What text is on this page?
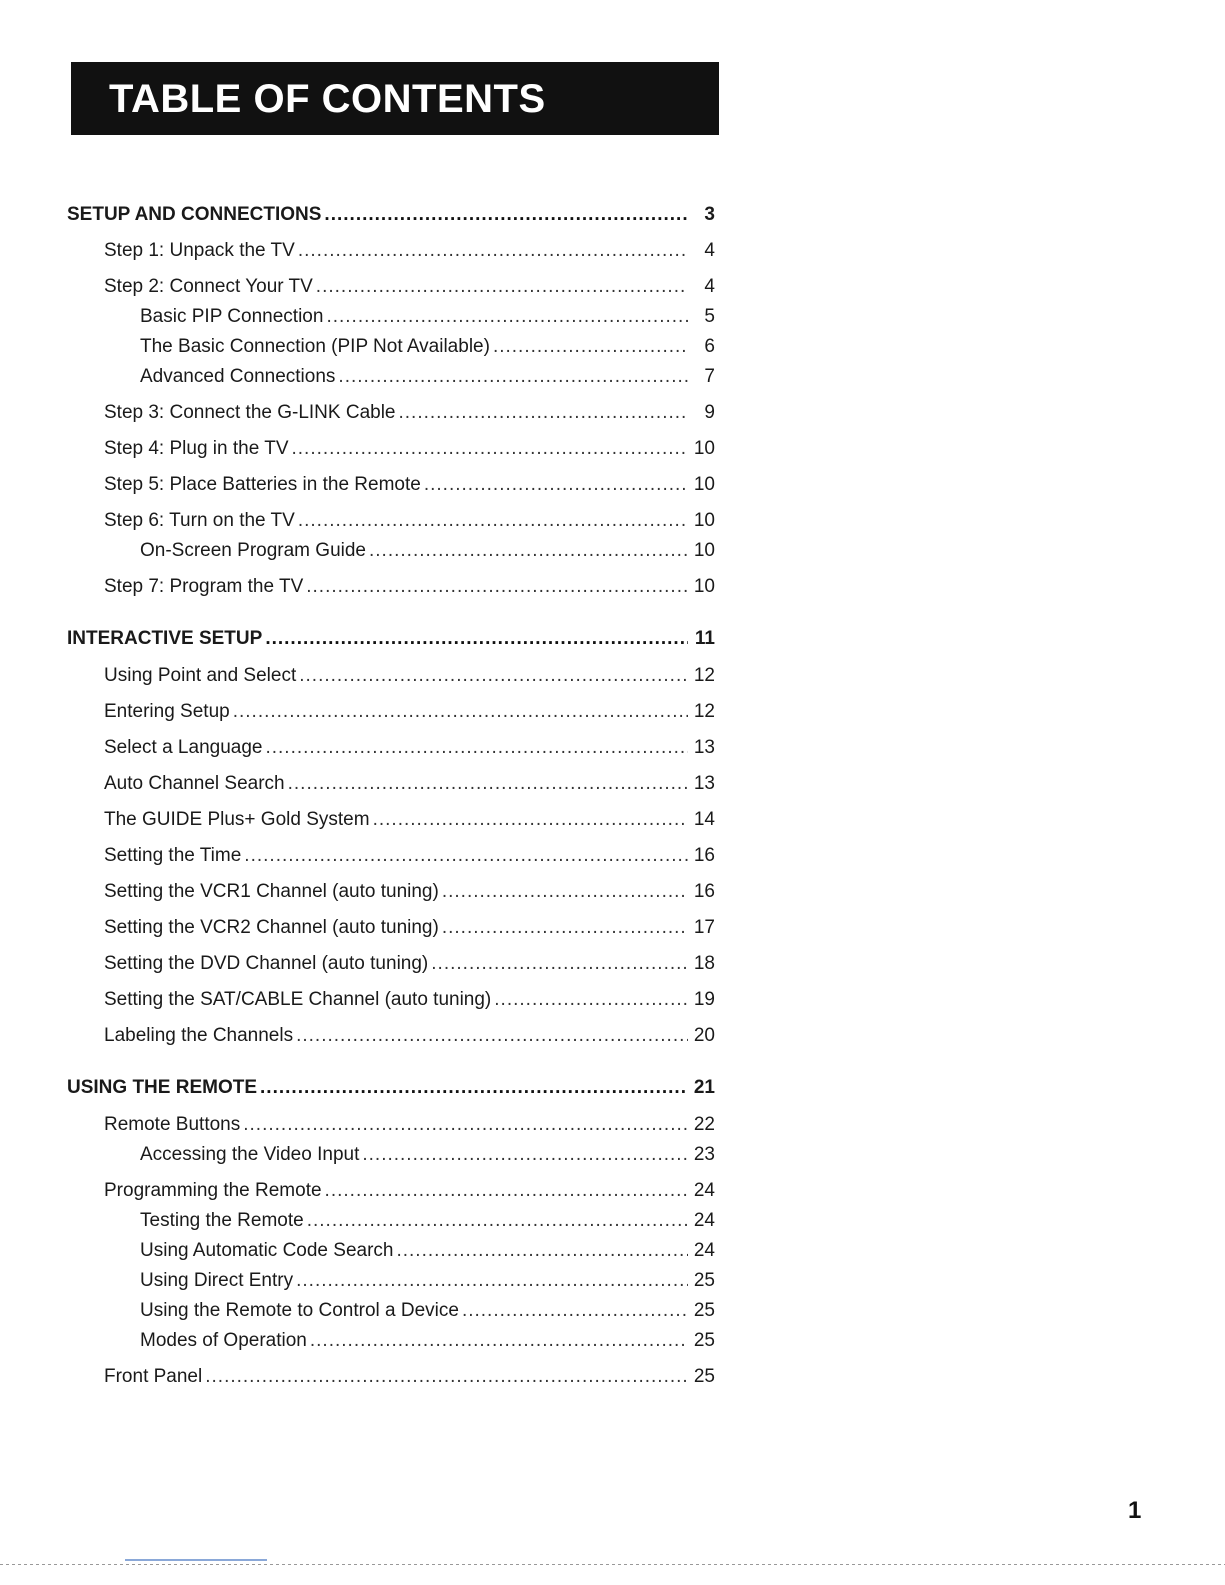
TABLE OF CONTENTS
SETUP AND CONNECTIONS .....	3
Step 1: Unpack the TV .....	4
Step 2: Connect Your TV .....	4
Basic PIP Connection .....	5
The Basic Connection (PIP Not Available) .....	6
Advanced Connections .....	7
Step 3: Connect the G-LINK Cable .....	9
Step 4: Plug in the TV .....	10
Step 5: Place Batteries in the Remote .....	10
Step 6: Turn on the TV .....	10
On-Screen Program Guide .....	10
Step 7: Program the TV .....	10
INTERACTIVE SETUP .....	11
Using Point and Select .....	12
Entering Setup .....	12
Select a Language .....	13
Auto Channel Search .....	13
The GUIDE Plus+ Gold System .....	14
Setting the Time .....	16
Setting the VCR1 Channel (auto tuning) .....	16
Setting the VCR2 Channel (auto tuning) .....	17
Setting the DVD Channel (auto tuning) .....	18
Setting the SAT/CABLE Channel (auto tuning) .....	19
Labeling the Channels .....	20
USING THE REMOTE .....	21
Remote Buttons .....	22
Accessing the Video Input .....	23
Programming the Remote .....	24
Testing the Remote .....	24
Using Automatic Code Search .....	24
Using Direct Entry .....	25
Using the Remote to Control a Device .....	25
Modes of Operation .....	25
Front Panel .....	25
1
